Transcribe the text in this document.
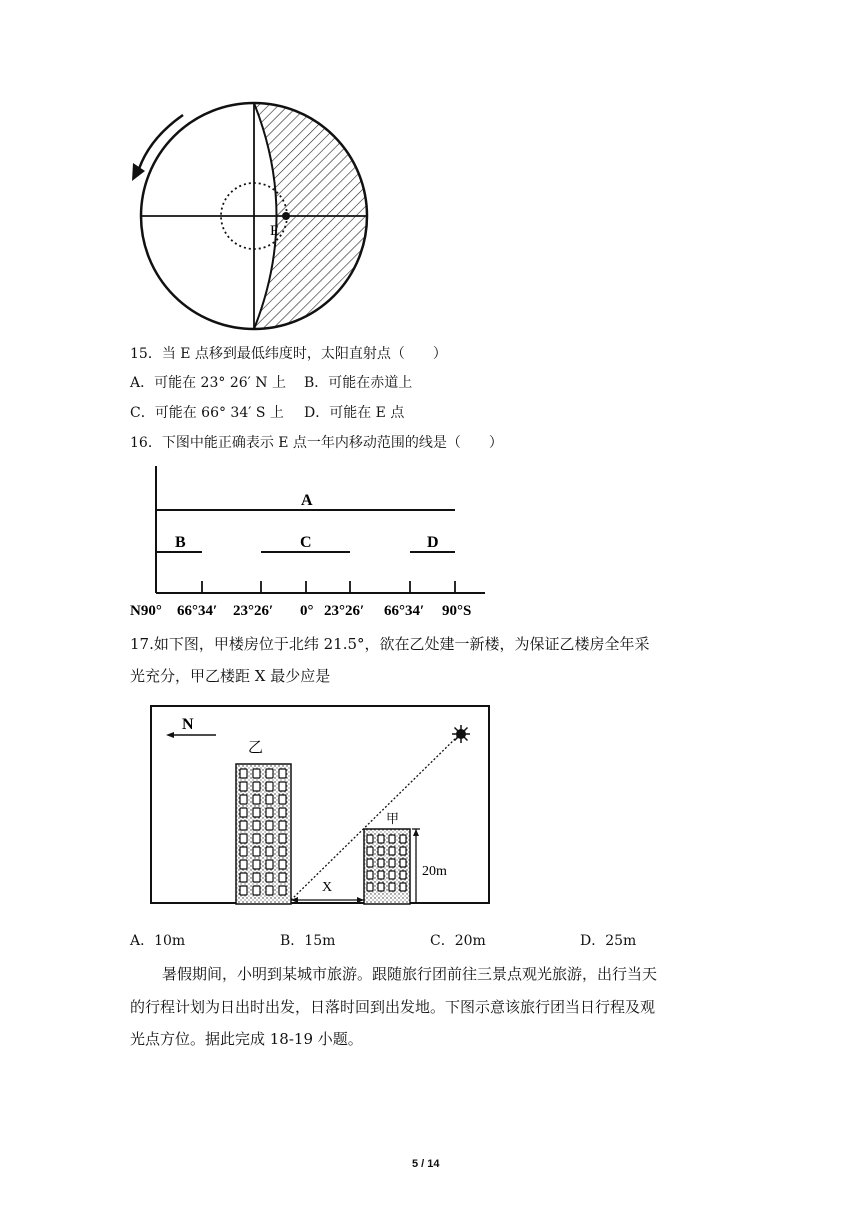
E
15．当 E 点移到最低纬度时，太阳直射点（　　）
A．可能在 23° 26′ N 上 B．可能在赤道上
C．可能在 66° 34′ S 上 D．可能在 E 点
16．下图中能正确表示 E 点一年内移动范围的线是（　　）
A
B	C	D
N90° 66°34′ 23°26′ 0° 23°26′ 66°34′ 90°S
17.如下图，甲楼房位于北纬 21.5°，欲在乙处建一新楼，为保证乙楼房全年采
光充分，甲乙楼距 X 最少应是
N
乙
甲
20m
X
A．10m	B．15m	C．20m	D．25m
暑假期间，小明到某城市旅游。跟随旅行团前往三景点观光旅游，出行当天
的行程计划为日出时出发，日落时回到出发地。下图示意该旅行团当日行程及观
光点方位。据此完成 18-19 小题。
5 / 14
